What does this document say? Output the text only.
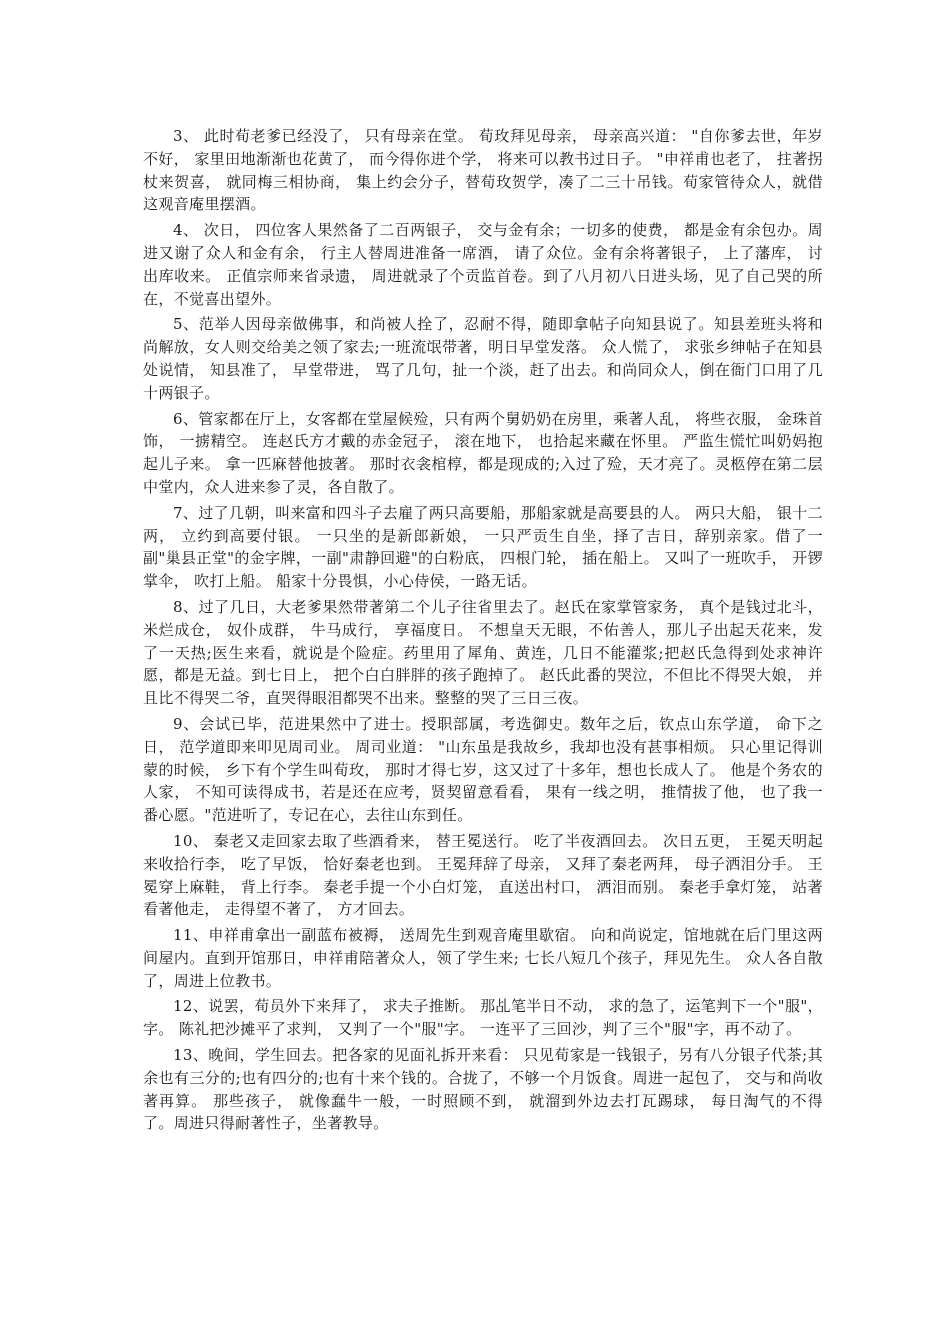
3、 此时荀老爹已经没了， 只有母亲在堂。 荀玫拜见母亲， 母亲高兴道： "自你爹去世，年岁不好， 家里田地渐渐也花黄了， 而今得你进个学， 将来可以教书过日子。 "申祥甫也老了， 拄著拐杖来贺喜， 就同梅三相协商， 集上约会分子，替荀玫贺学，凑了二三十吊钱。荀家管待众人，就借这观音庵里摆酒。

4、 次日， 四位客人果然备了二百两银子， 交与金有余；一切多的使费， 都是金有余包办。周进又谢了众人和金有余， 行主人替周进准备一席酒， 请了众位。金有余将著银子， 上了藩库， 讨出库收来。 正值宗师来省录遗， 周进就录了个贡监首卷。到了八月初八日进头场，见了自己哭的所在，不觉喜出望外。

5、范举人因母亲做佛事，和尚被人拴了，忍耐不得，随即拿帖子向知县说了。知县差班头将和尚解放，女人则交给美之领了家去;一班流氓带著，明日早堂发落。 众人慌了， 求张乡绅帖子在知县处说情， 知县准了， 早堂带进， 骂了几句，扯一个淡，赶了出去。和尚同众人，倒在衙门口用了几十两银子。

6、管家都在厅上，女客都在堂屋候殓，只有两个舅奶奶在房里，乘著人乱， 将些衣服， 金珠首饰， 一掳精空。 连赵氏方才戴的赤金冠子， 滚在地下， 也拾起来藏在怀里。 严监生慌忙叫奶妈抱起儿子来。 拿一匹麻替他披著。 那时衣衾棺椁，都是现成的;入过了殓，天才亮了。灵柩停在第二层中堂内，众人进来参了灵，各自散了。

7、过了几朝，叫来富和四斗子去雇了两只高要船，那船家就是高要县的人。 两只大船， 银十二两， 立约到高要付银。 一只坐的是新郎新娘， 一只严贡生自坐，择了吉日，辞别亲家。借了一副"巢县正堂"的金字牌，一副"肃静回避"的白粉底， 四根门轮， 插在船上。 又叫了一班吹手， 开锣掌伞， 吹打上船。 船家十分畏惧，小心侍侯，一路无话。

8、过了几日，大老爹果然带著第二个儿子往省里去了。赵氏在家掌管家务， 真个是钱过北斗， 米烂成仓， 奴仆成群， 牛马成行， 享福度日。 不想皇天无眼，不佑善人，那儿子出起天花来，发了一天热;医生来看，就说是个险症。药里用了犀角、黄连，几日不能灌浆;把赵氏急得到处求神许愿，都是无益。到七日上， 把个白白胖胖的孩子跑掉了。 赵氏此番的哭泣，不但比不得哭大娘， 并且比不得哭二爷，直哭得眼泪都哭不出来。整整的哭了三日三夜。

9、会试已毕，范进果然中了进士。授职部属，考选御史。数年之后，钦点山东学道， 命下之日， 范学道即来叩见周司业。 周司业道： "山东虽是我故乡，我却也没有甚事相烦。 只心里记得训蒙的时候， 乡下有个学生叫荀玫， 那时才得七岁，这又过了十多年，想也长成人了。 他是个务农的人家， 不知可读得成书，若是还在应考，贤契留意看看， 果有一线之明， 推情拔了他， 也了我一番心愿。"范进听了，专记在心，去往山东到任。

10、 秦老又走回家去取了些酒肴来， 替王冕送行。 吃了半夜酒回去。 次日五更， 王冕天明起来收拾行李， 吃了早饭， 恰好秦老也到。 王冕拜辞了母亲， 又拜了秦老两拜， 母子洒泪分手。 王冕穿上麻鞋， 背上行李。 秦老手提一个小白灯笼， 直送出村口， 洒泪而别。 秦老手拿灯笼， 站著看著他走， 走得望不著了， 方才回去。

11、申祥甫拿出一副蓝布被褥， 送周先生到观音庵里歇宿。 向和尚说定，馆地就在后门里这两间屋内。直到开馆那日，申祥甫陪著众人，领了学生来; 七长八短几个孩子，拜见先生。 众人各自散了，周进上位教书。

12、说罢，荀员外下来拜了， 求夫子推断。 那乩笔半日不动， 求的急了，运笔判下一个"服"， 字。 陈礼把沙摊平了求判， 又判了一个"服"字。 一连平了三回沙，判了三个"服"字，再不动了。

13、晚间，学生回去。把各家的见面礼拆开来看： 只见荀家是一钱银子，另有八分银子代茶;其余也有三分的;也有四分的;也有十来个钱的。合拢了，不够一个月饭食。周进一起包了， 交与和尚收著再算。 那些孩子， 就像蠢牛一般，一时照顾不到， 就溜到外边去打瓦踢球， 每日淘气的不得了。周进只得耐著性子，坐著教导。
